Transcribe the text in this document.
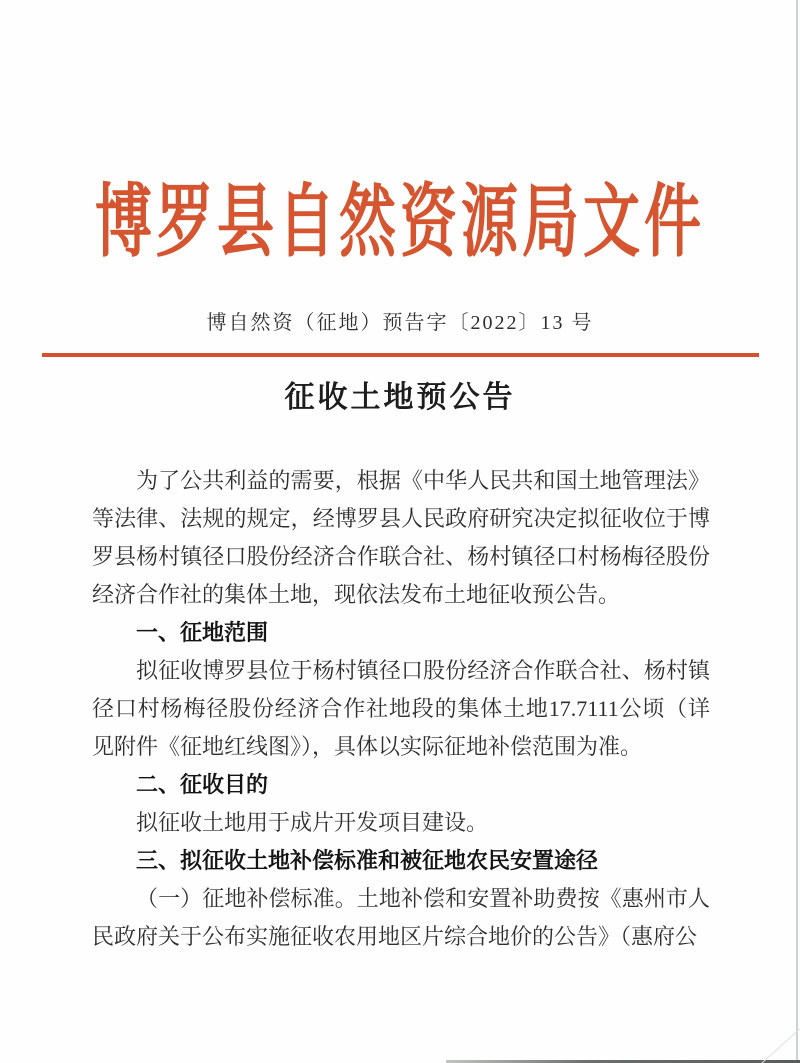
博罗县自然资源局文件
博自然资（征地）预告字〔2022〕13 号
征收土地预公告

为了公共利益的需要，根据《中华人民共和国土地管理法》等法律、法规的规定，经博罗县人民政府研究决定拟征收位于博罗县杨村镇径口股份经济合作联合社、杨村镇径口村杨梅径股份经济合作社的集体土地，现依法发布土地征收预公告。

一、征地范围

拟征收博罗县位于杨村镇径口股份经济合作联合社、杨村镇径口村杨梅径股份经济合作社地段的集体土地17.7111公顷（详见附件《征地红线图》），具体以实际征地补偿范围为准。

二、征收目的

拟征收土地用于成片开发项目建设。

三、拟征收土地补偿标准和被征地农民安置途径

（一）征地补偿标准。土地补偿和安置补助费按《惠州市人民政府关于公布实施征收农用地区片综合地价的公告》（惠府公
